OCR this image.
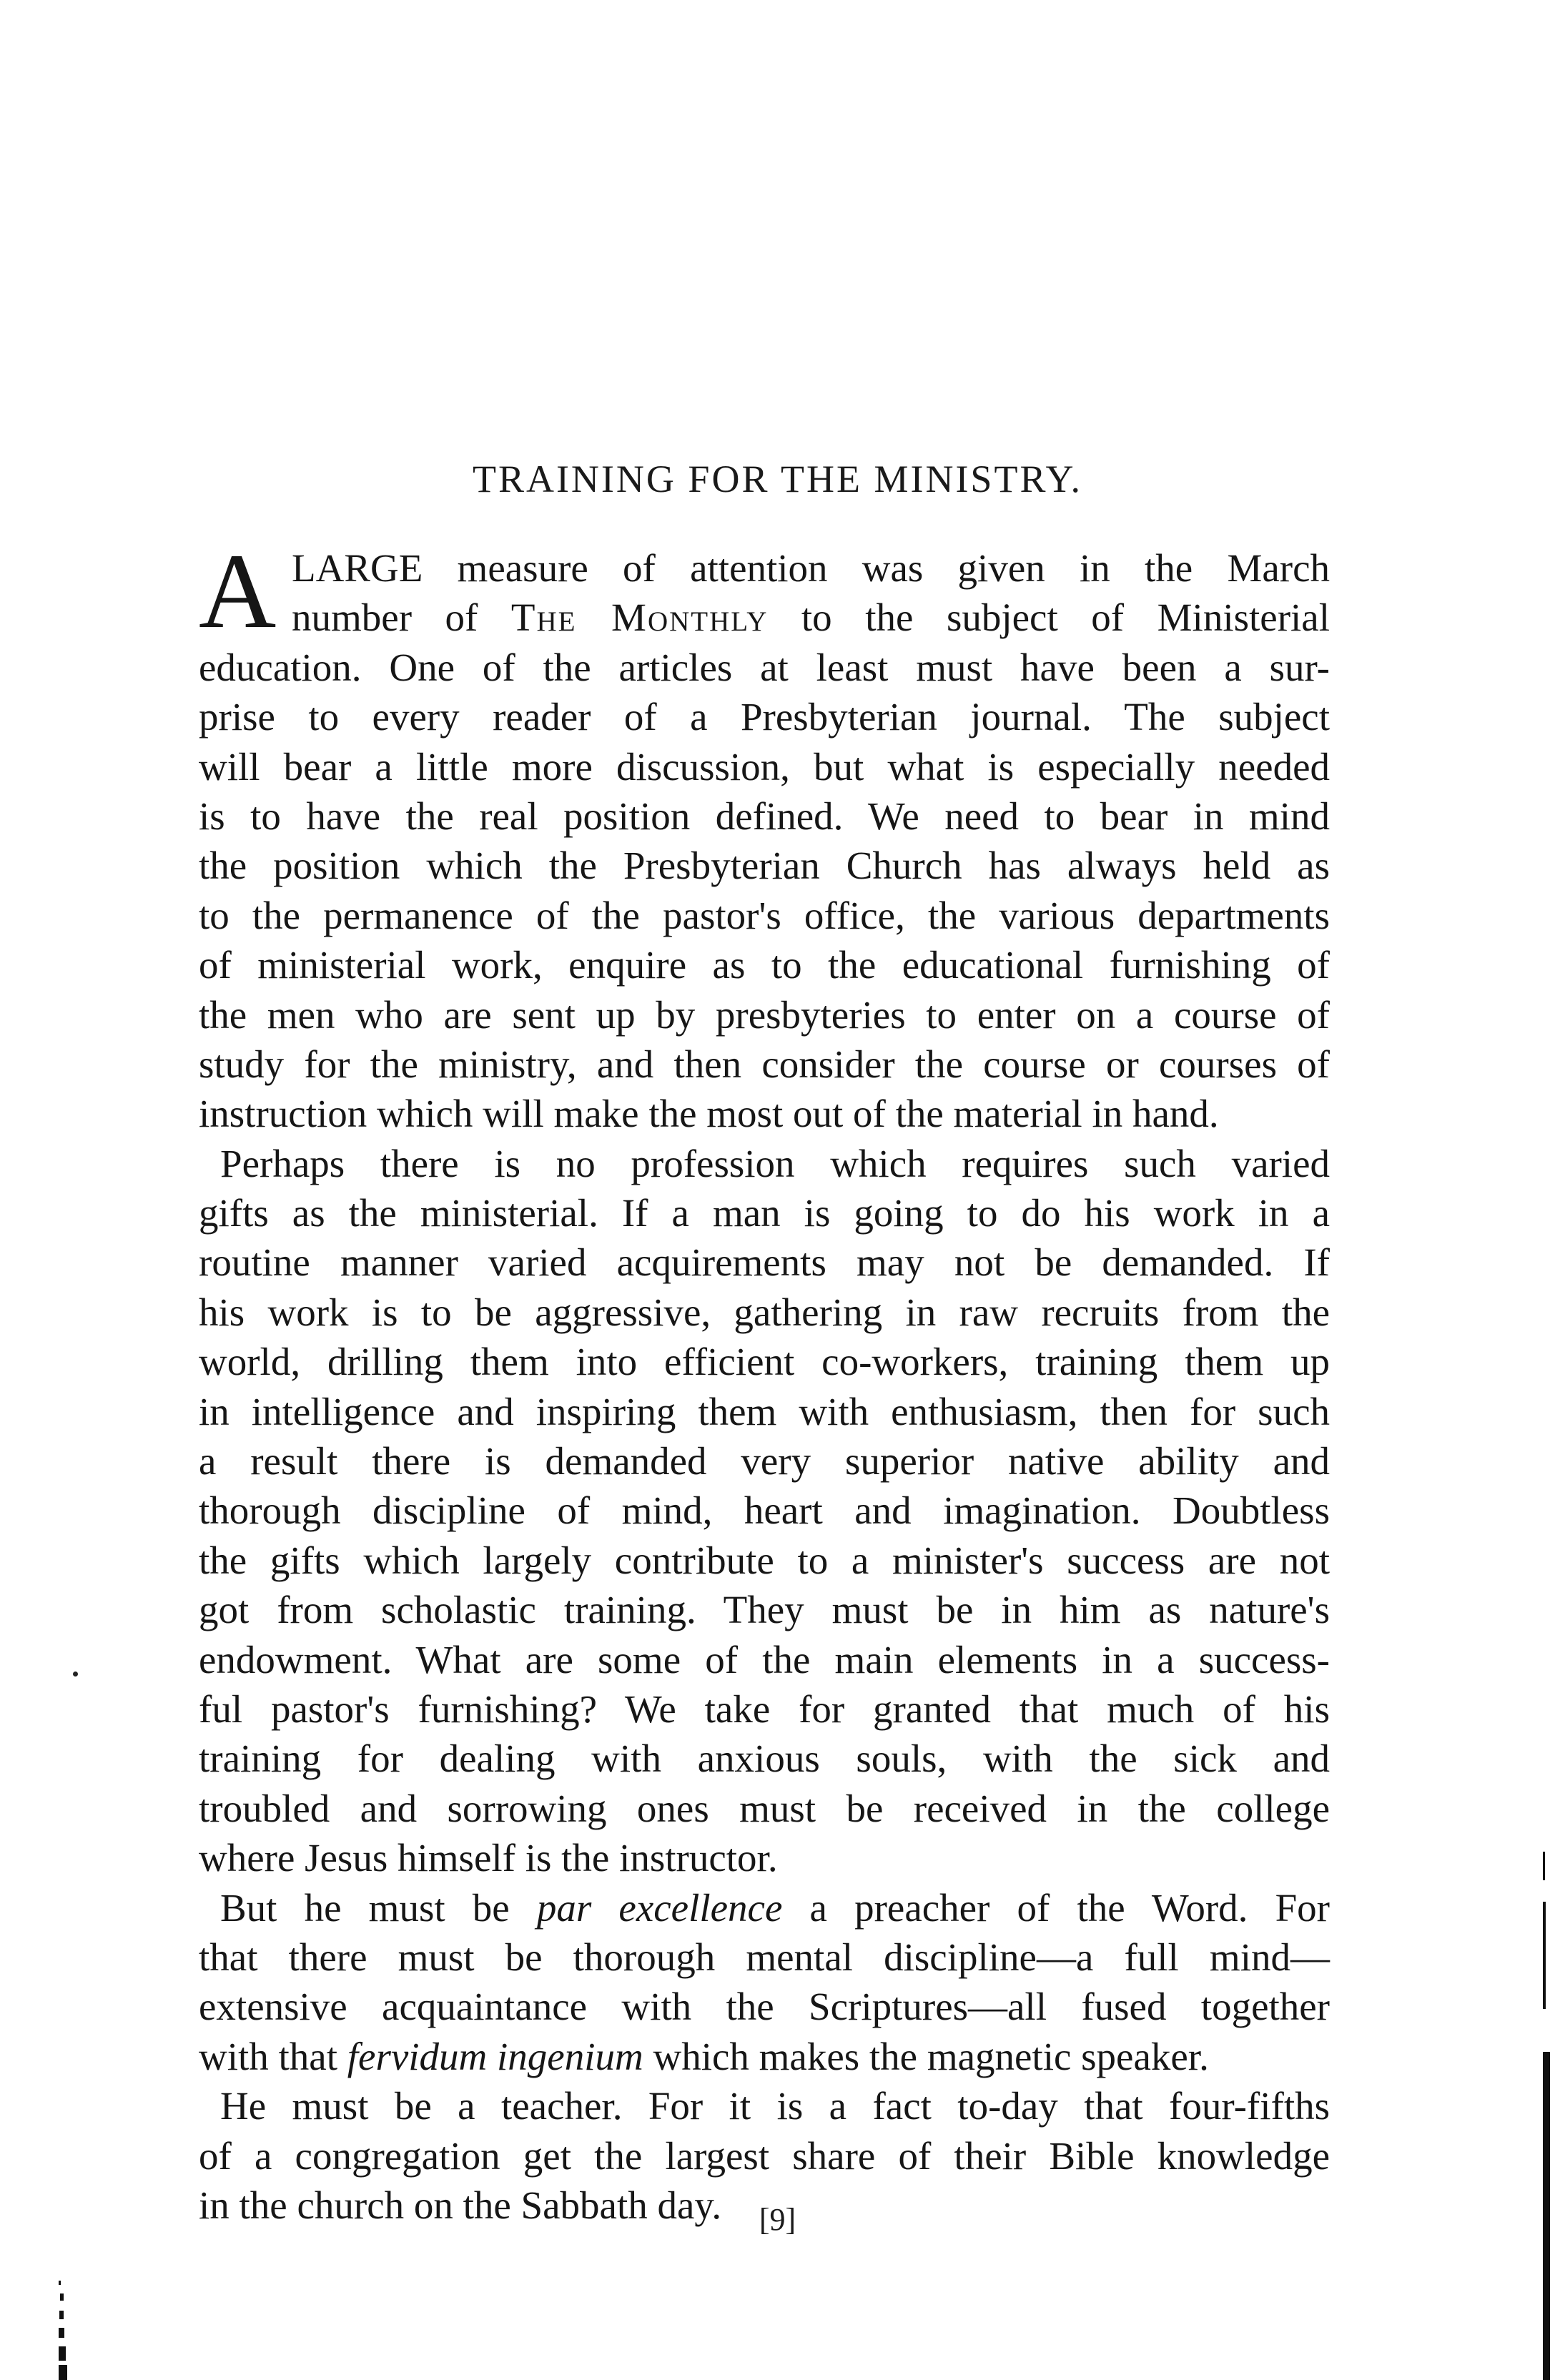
TRAINING FOR THE MINISTRY.
A LARGE measure of attention was given in the March
number of The Monthly to the subject of Ministerial
education. One of the articles at least must have been a sur-
prise to every reader of a Presbyterian journal. The subject
will bear a little more discussion, but what is especially needed
is to have the real position defined. We need to bear in mind
the position which the Presbyterian Church has always held as
to the permanence of the pastor's office, the various departments
of ministerial work, enquire as to the educational furnishing of
the men who are sent up by presbyteries to enter on a course of
study for the ministry, and then consider the course or courses of
instruction which will make the most out of the material in hand.
Perhaps there is no profession which requires such varied
gifts as the ministerial. If a man is going to do his work in a
routine manner varied acquirements may not be demanded. If
his work is to be aggressive, gathering in raw recruits from the
world, drilling them into efficient co-workers, training them up
in intelligence and inspiring them with enthusiasm, then for such
a result there is demanded very superior native ability and
thorough discipline of mind, heart and imagination. Doubtless
the gifts which largely contribute to a minister's success are not
got from scholastic training. They must be in him as nature's
endowment. What are some of the main elements in a success-
ful pastor's furnishing? We take for granted that much of his
training for dealing with anxious souls, with the sick and
troubled and sorrowing ones must be received in the college
where Jesus himself is the instructor.
But he must be par excellence a preacher of the Word. For
that there must be thorough mental discipline—a full mind—
extensive acquaintance with the Scriptures—all fused together
with that fervidum ingenium which makes the magnetic speaker.
He must be a teacher. For it is a fact to-day that four-fifths
of a congregation get the largest share of their Bible knowledge
in the church on the Sabbath day.	[9]
